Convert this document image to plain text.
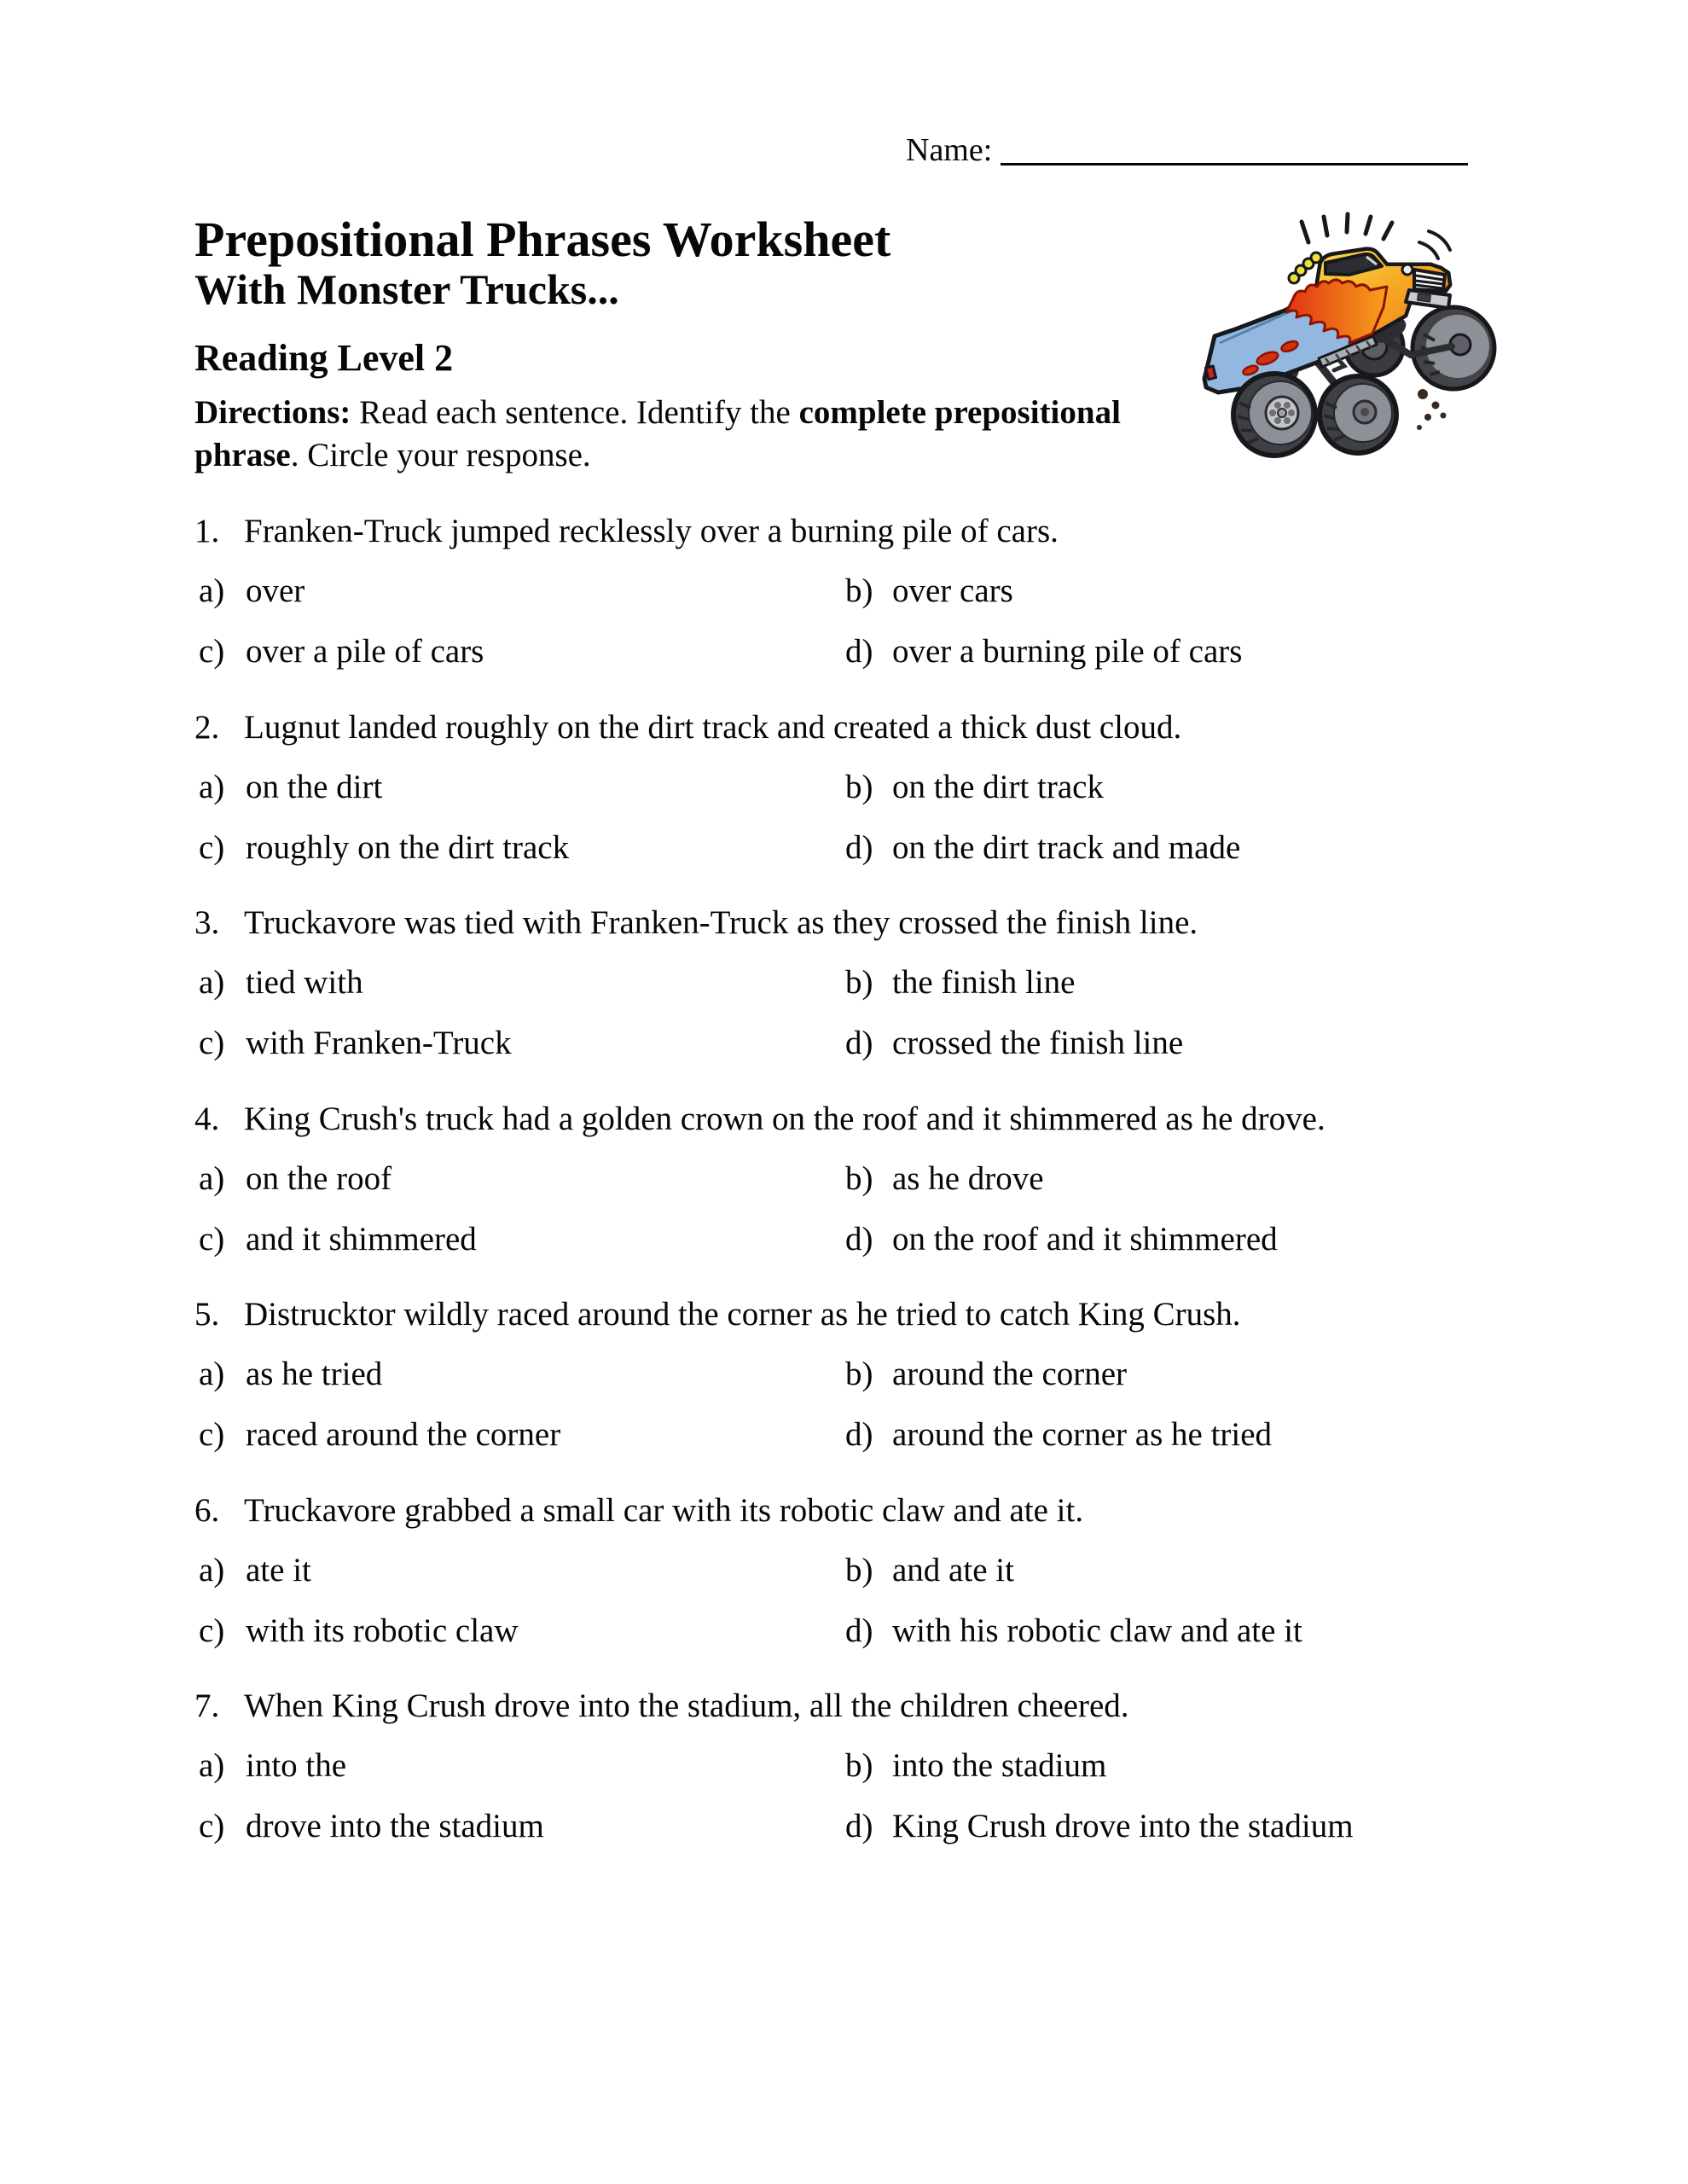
Name:
Prepositional Phrases Worksheet
With Monster Trucks...
Reading Level 2

Directions: Read each sentence. Identify the complete prepositional
phrase. Circle your response.

1. Franken-Truck jumped recklessly over a burning pile of cars.
a) over	b) over cars
c) over a pile of cars	d) over a burning pile of cars
2. Lugnut landed roughly on the dirt track and created a thick dust cloud.
a) on the dirt	b) on the dirt track
c) roughly on the dirt track	d) on the dirt track and made
3. Truckavore was tied with Franken-Truck as they crossed the finish line.
a) tied with	b) the finish line
c) with Franken-Truck	d) crossed the finish line
4. King Crush's truck had a golden crown on the roof and it shimmered as he drove.
a) on the roof	b) as he drove
c) and it shimmered	d) on the roof and it shimmered
5. Distrucktor wildly raced around the corner as he tried to catch King Crush.
a) as he tried	b) around the corner
c) raced around the corner	d) around the corner as he tried
6. Truckavore grabbed a small car with its robotic claw and ate it.
a) ate it	b) and ate it
c) with its robotic claw	d) with his robotic claw and ate it
7. When King Crush drove into the stadium, all the children cheered.
a) into the	b) into the stadium
c) drove into the stadium	d) King Crush drove into the stadium
